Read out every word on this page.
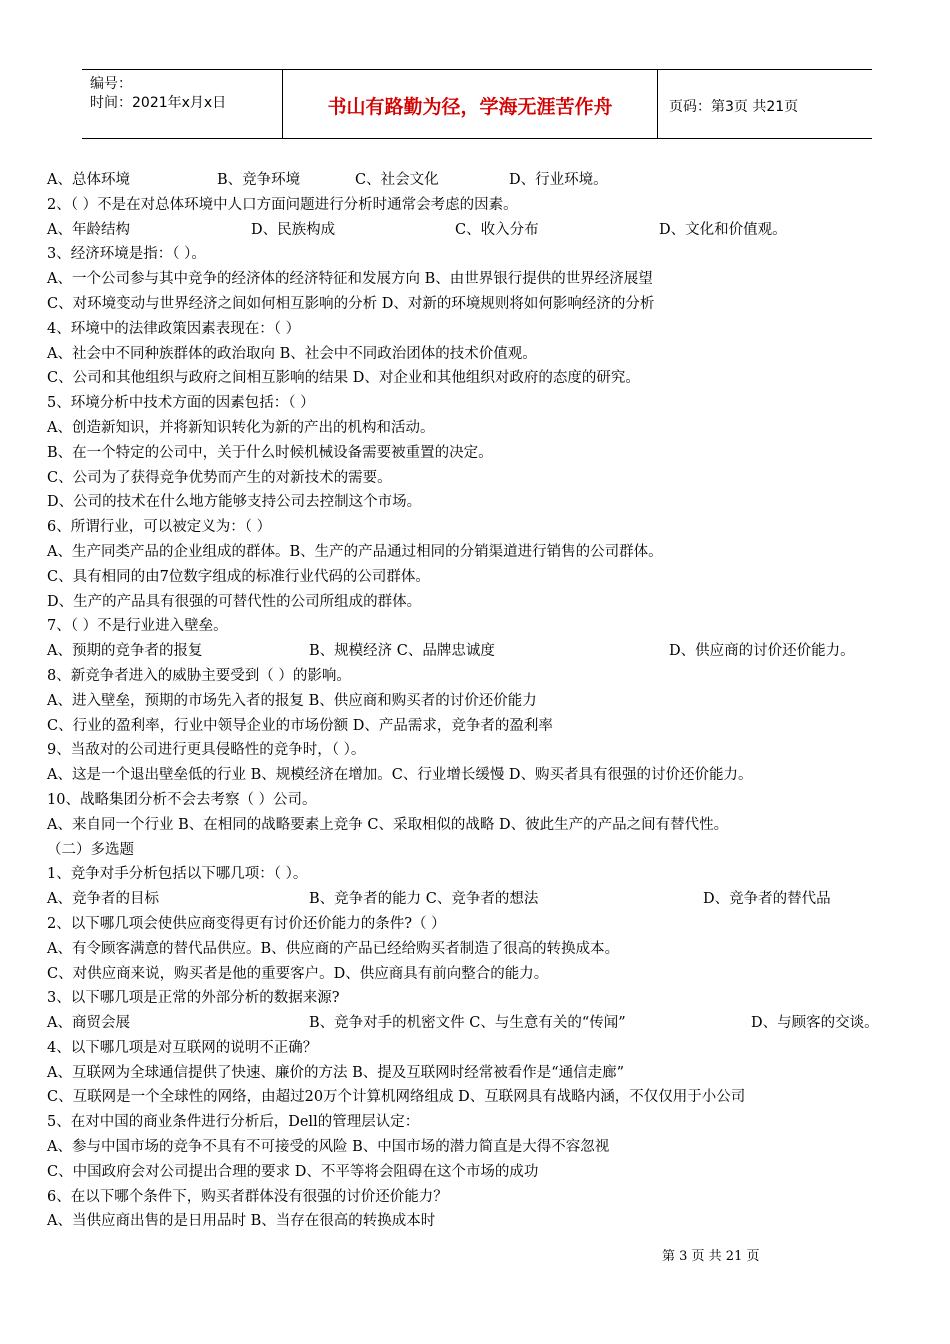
编号：
时间：2021年x月x日	书山有路勤为径，学海无涯苦作舟	页码：第3页 共21页
A、总体环境	B、竞争环境	C、社会文化	D、行业环境。
2、（ ）不是在对总体环境中人口方面问题进行分析时通常会考虑的因素。
A、年龄结构	D、民族构成	C、收入分布	D、文化和价值观。
3、经济环境是指：（ ）。
A、一个公司参与其中竞争的经济体的经济特征和发展方向 B、由世界银行提供的世界经济展望
C、对环境变动与世界经济之间如何相互影响的分析 D、对新的环境规则将如何影响经济的分析
4、环境中的法律政策因素表现在：（ ）
A、社会中不同种族群体的政治取向 B、社会中不同政治团体的技术价值观。
C、公司和其他组织与政府之间相互影响的结果 D、对企业和其他组织对政府的态度的研究。
5、环境分析中技术方面的因素包括：（ ）
A、创造新知识，并将新知识转化为新的产出的机构和活动。
B、在一个特定的公司中，关于什么时候机械设备需要被重置的决定。
C、公司为了获得竞争优势而产生的对新技术的需要。
D、公司的技术在什么地方能够支持公司去控制这个市场。
6、所谓行业，可以被定义为：（ ）
A、生产同类产品的企业组成的群体。B、生产的产品通过相同的分销渠道进行销售的公司群体。
C、具有相同的由7位数字组成的标准行业代码的公司群体。
D、生产的产品具有很强的可替代性的公司所组成的群体。
7、（ ）不是行业进入壁垒。
A、预期的竞争者的报复	B、规模经济 C、品牌忠诚度	D、供应商的讨价还价能力。
8、新竞争者进入的威胁主要受到（ ）的影响。
A、进入壁垒，预期的市场先入者的报复 B、供应商和购买者的讨价还价能力
C、行业的盈利率，行业中领导企业的市场份额 D、产品需求，竞争者的盈利率
9、当敌对的公司进行更具侵略性的竞争时，（ ）。
A、这是一个退出壁垒低的行业 B、规模经济在增加。C、行业增长缓慢 D、购买者具有很强的讨价还价能力。
10、战略集团分析不会去考察（ ）公司。
A、来自同一个行业 B、在相同的战略要素上竞争 C、采取相似的战略 D、彼此生产的产品之间有替代性。
（二）多选题
1、竞争对手分析包括以下哪几项：（ ）。
A、竞争者的目标	B、竞争者的能力 C、竞争者的想法	D、竞争者的替代品
2、以下哪几项会使供应商变得更有讨价还价能力的条件?（ ）
A、有令顾客满意的替代品供应。B、供应商的产品已经给购买者制造了很高的转换成本。
C、对供应商来说，购买者是他的重要客户。D、供应商具有前向整合的能力。
3、以下哪几项是正常的外部分析的数据来源?
A、商贸会展	B、竞争对手的机密文件 C、与生意有关的“传闻”	D、与顾客的交谈。
4、以下哪几项是对互联网的说明不正确？
A、互联网为全球通信提供了快速、廉价的方法 B、提及互联网时经常被看作是“通信走廊”
C、互联网是一个全球性的网络，由超过20万个计算机网络组成 D、互联网具有战略内涵，不仅仅用于小公司
5、在对中国的商业条件进行分析后，Dell的管理层认定：
A、参与中国市场的竞争不具有不可接受的风险 B、中国市场的潜力简直是大得不容忽视
C、中国政府会对公司提出合理的要求 D、不平等将会阻碍在这个市场的成功
6、在以下哪个条件下，购买者群体没有很强的讨价还价能力？
A、当供应商出售的是日用品时 B、当存在很高的转换成本时
第 3 页 共 21 页
